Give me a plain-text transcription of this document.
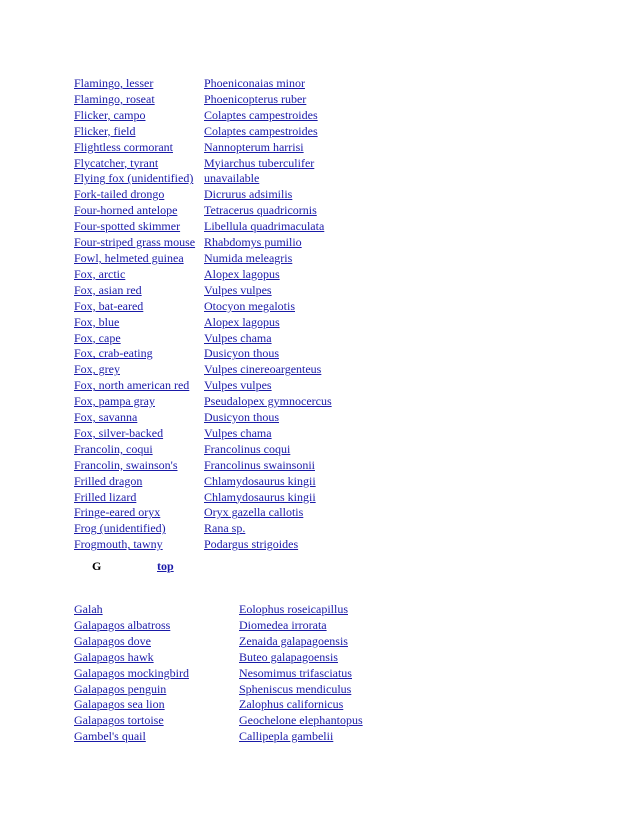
Flamingo, lesser	Phoeniconaias minor
Flamingo, roseat	Phoenicopterus ruber
Flicker, campo	Colaptes campestroides
Flicker, field	Colaptes campestroides
Flightless cormorant	Nannopterum harrisi
Flycatcher, tyrant	Myiarchus tuberculifer
Flying fox (unidentified)	unavailable
Fork-tailed drongo	Dicrurus adsimilis
Four-horned antelope	Tetracerus quadricornis
Four-spotted skimmer	Libellula quadrimaculata
Four-striped grass mouse	Rhabdomys pumilio
Fowl, helmeted guinea	Numida meleagris
Fox, arctic	Alopex lagopus
Fox, asian red	Vulpes vulpes
Fox, bat-eared	Otocyon megalotis
Fox, blue	Alopex lagopus
Fox, cape	Vulpes chama
Fox, crab-eating	Dusicyon thous
Fox, grey	Vulpes cinereoargenteus
Fox, north american red	Vulpes vulpes
Fox, pampa gray	Pseudalopex gymnocercus
Fox, savanna	Dusicyon thous
Fox, silver-backed	Vulpes chama
Francolin, coqui	Francolinus coqui
Francolin, swainson's	Francolinus swainsonii
Frilled dragon	Chlamydosaurus kingii
Frilled lizard	Chlamydosaurus kingii
Fringe-eared oryx	Oryx gazella callotis
Frog (unidentified)	Rana sp.
Frogmouth, tawny	Podargus strigoides
G	top
Galah	Eolophus roseicapillus
Galapagos albatross	Diomedea irrorata
Galapagos dove	Zenaida galapagoensis
Galapagos hawk	Buteo galapagoensis
Galapagos mockingbird	Nesomimus trifasciatus
Galapagos penguin	Spheniscus mendiculus
Galapagos sea lion	Zalophus californicus
Galapagos tortoise	Geochelone elephantopus
Gambel's quail	Callipepla gambelii
